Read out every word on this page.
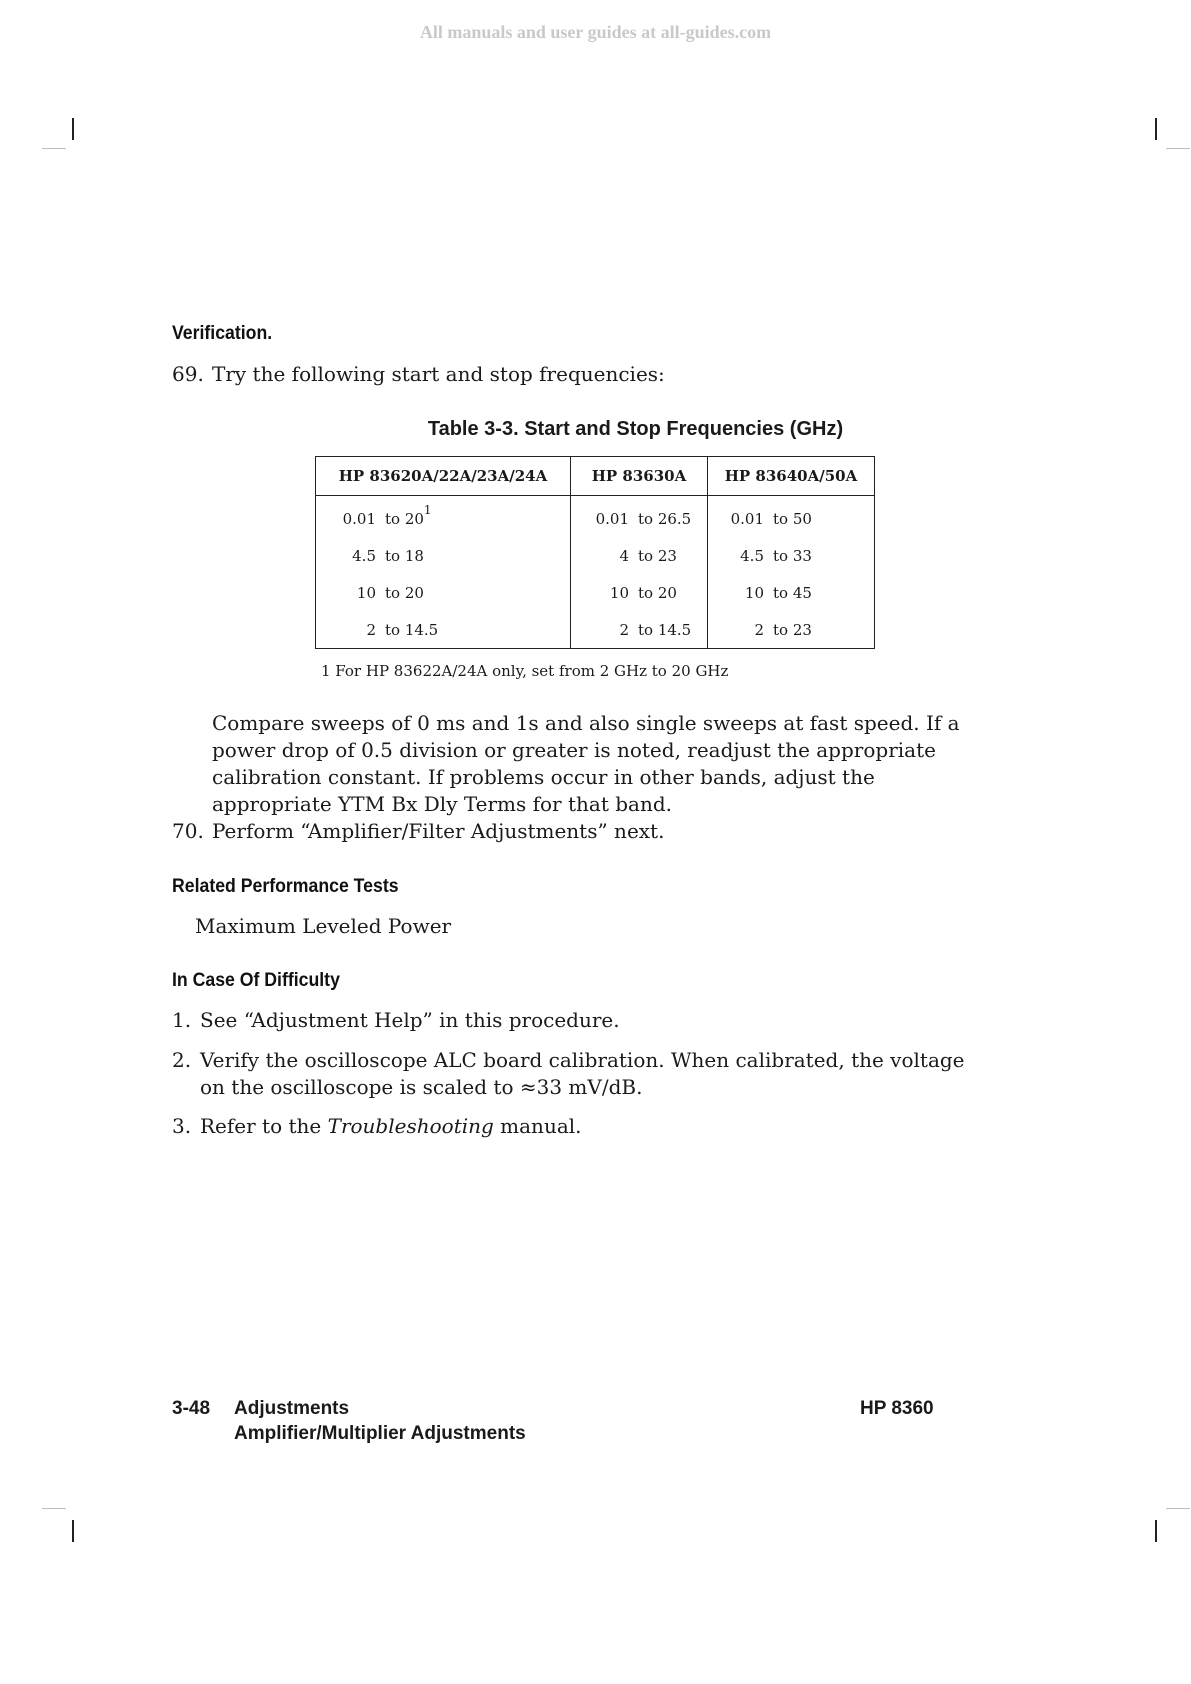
All manuals and user guides at all-guides.com
Verification.
69. Try the following start and stop frequencies:
Table 3-3. Start and Stop Frequencies (GHz)
HP 83620A/22A/23A/24A	HP 83630A	HP 83640A/50A

0.01 to 20 1	0.01 to 26.5	0.01 to 50

4.5 to 18	4 to 23	4.5 to 33

10 to 20	10 to 20	10 to 45

2 to 14.5	2 to 14.5	2 to 23
1 For HP 83622A/24A only, set from 2 GHz to 20 GHz
Compare sweeps of 0 ms and 1s and also single sweeps at fast speed. If a
power drop of 0.5 division or greater is noted, readjust the appropriate
calibration constant. If problems occur in other bands, adjust the
appropriate YTM Bx Dly Terms for that band.
70. Perform “Amplifier/Filter Adjustments” next.
Related Performance Tests
Maximum Leveled Power
In Case Of Difficulty
1. See “Adjustment Help” in this procedure.
2. Verify the oscilloscope ALC board calibration. When calibrated, the voltage
on the oscilloscope is scaled to ≈33 mV/dB.
3. Refer to the Troubleshooting manual.
3-48 Adjustments
Amplifier/Multiplier Adjustments
HP 8360
